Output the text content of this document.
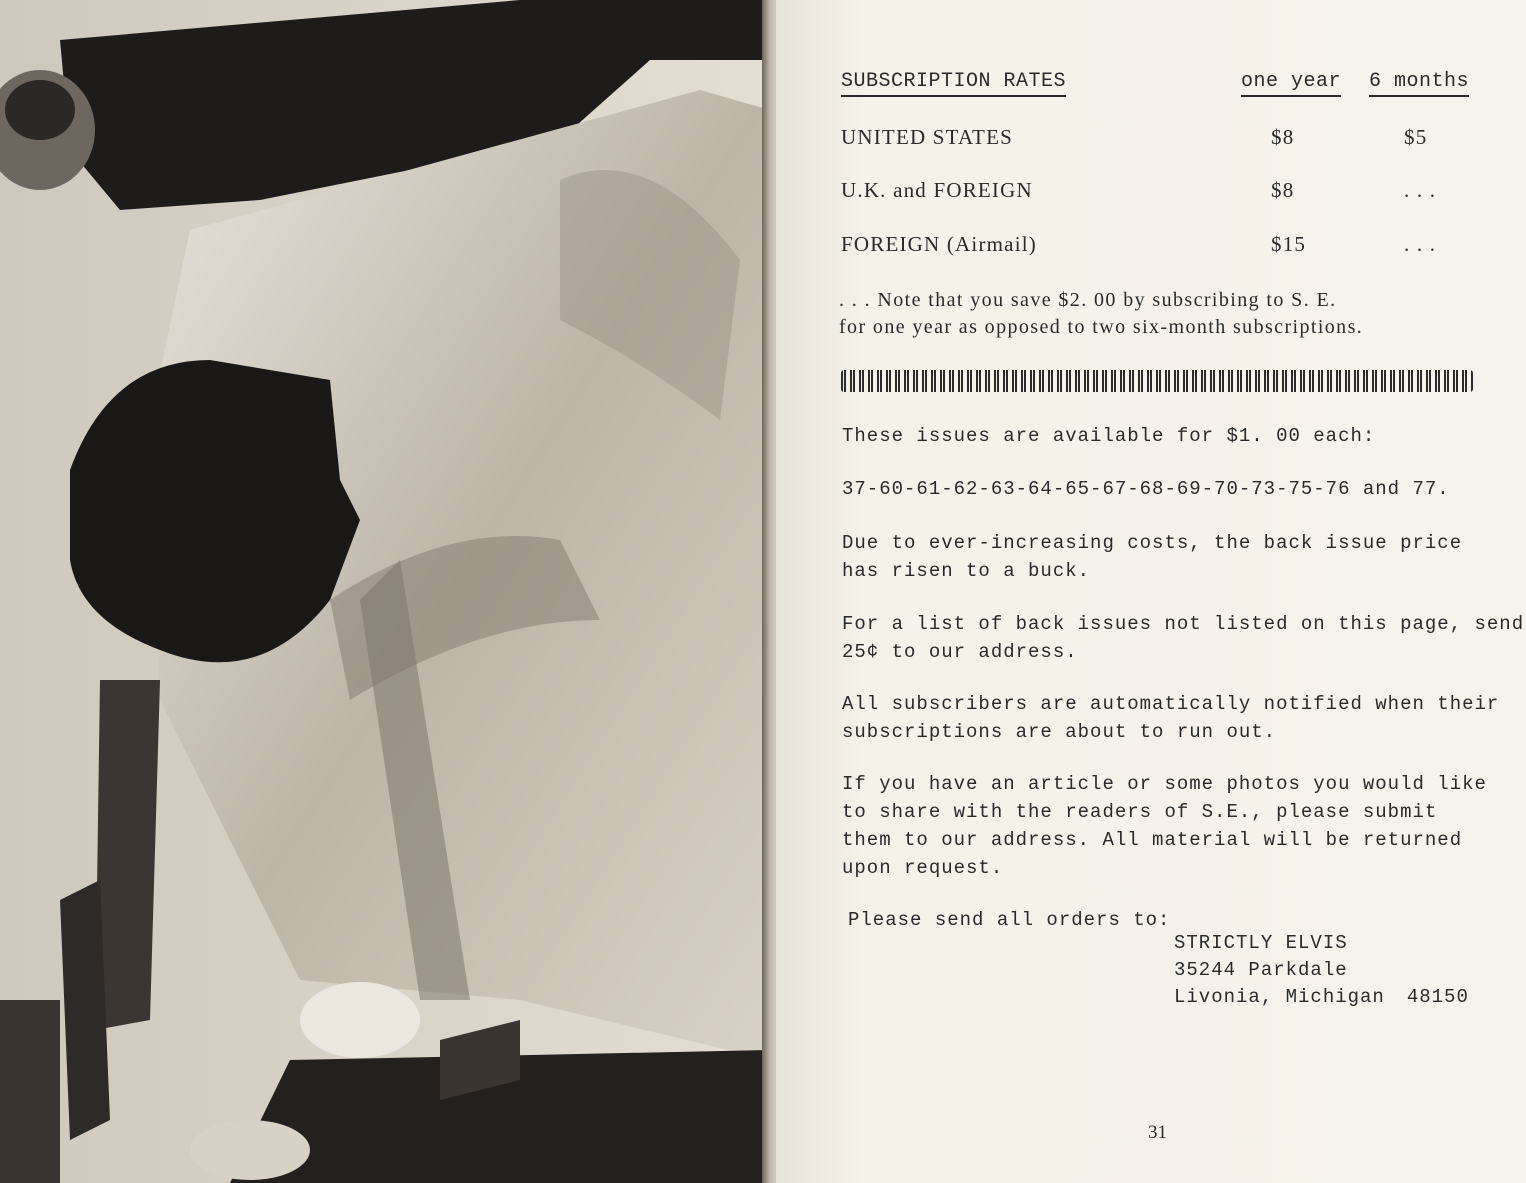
SUBSCRIPTION RATES	one year 6 months
UNITED STATES	$8	$5
U.K. and FOREIGN	$8	. . .
FOREIGN (Airmail)	$15	. . .

. . . Note that you save $2. 00 by subscribing to S. E.

for one year as opposed to two six-month subscriptions.

These issues are available for $1. 00 each:

37-60-61-62-63-64-65-67-68-69-70-73-75-76 and 77.

Due to ever-increasing costs, the back issue price

has risen to a buck.

For a list of back issues not listed on this page, send

25¢ to our address.

All subscribers are automatically notified when their

subscriptions are about to run out.

If you have an article or some photos you would like

to share with the readers of S.E., please submit

them to our address. All material will be returned

upon request.

Please send all orders to:

STRICTLY ELVIS
35244 Parkdale
Livonia, Michigan 48150
31
